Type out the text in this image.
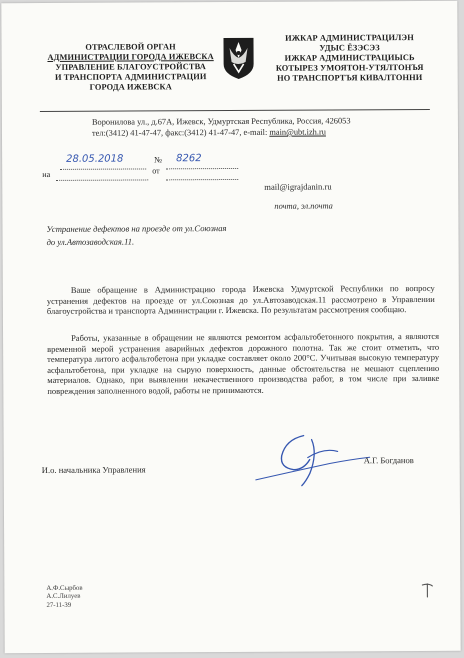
ОТРАСЛЕВОЙ ОРГАН
АДМИНИСТРАЦИИ ГОРОДА ИЖЕВСКА
УПРАВЛЕНИЕ БЛАГОУСТРОЙСТВА
И ТРАНСПОРТА АДМИНИСТРАЦИИ
ГОРОДА ИЖЕВСКА
ИЖКАР АДМИНИСТРАЦИЛЭН
УДЫС ЁЗЭСЭЗ
ИЖКАР АДМИНИСТРАЦИЫСЬ
КОТЫРЕЗ УМОЯТОН-УТЯЛТОНЪЯ
НО ТРАНСПОРТЪЯ КИВАЛТОННИ
Воронилова ул., д.67А, Ижевск, Удмуртская Республика, Россия, 426053
тел:(3412) 41-47-47, факс:(3412) 41-47-47, e-mail: main@ubt.izh.ru
28.05.2018	№ 8262
на	от
mail@igrajdanin.ru
почта, эл.почта
Устранение дефектов на проезде от ул.Союзная
до ул.Автозаводская.11.
Ваше обращение в Администрацию города Ижевска Удмуртской Республики по вопросу устранения дефектов на проезде от ул.Союзная до ул.Автозаводская.11 рассмотрено в Управлении благоустройства и транспорта Администрации г. Ижевска. По результатам рассмотрения сообщаю.
Работы, указанные в обращении не являются ремонтом асфальтобетонного покрытия, а являются временной мерой устранения аварийных дефектов дорожного полотна. Так же стоит отметить, что температура литого асфальтобетона при укладке составляет около 200°С. Учитывая высокую температуру асфальтобетона, при укладке на сырую поверхность, данные обстоятельства не мешают сцеплению материалов. Однако, при выявлении некачественного производства работ, в том числе при заливке повреждения заполненного водой, работы не принимаются.
И.о. начальника Управления
А.Г. Богданов
А.Ф.Сырбов
А.С.Лилуев
27-11-39
